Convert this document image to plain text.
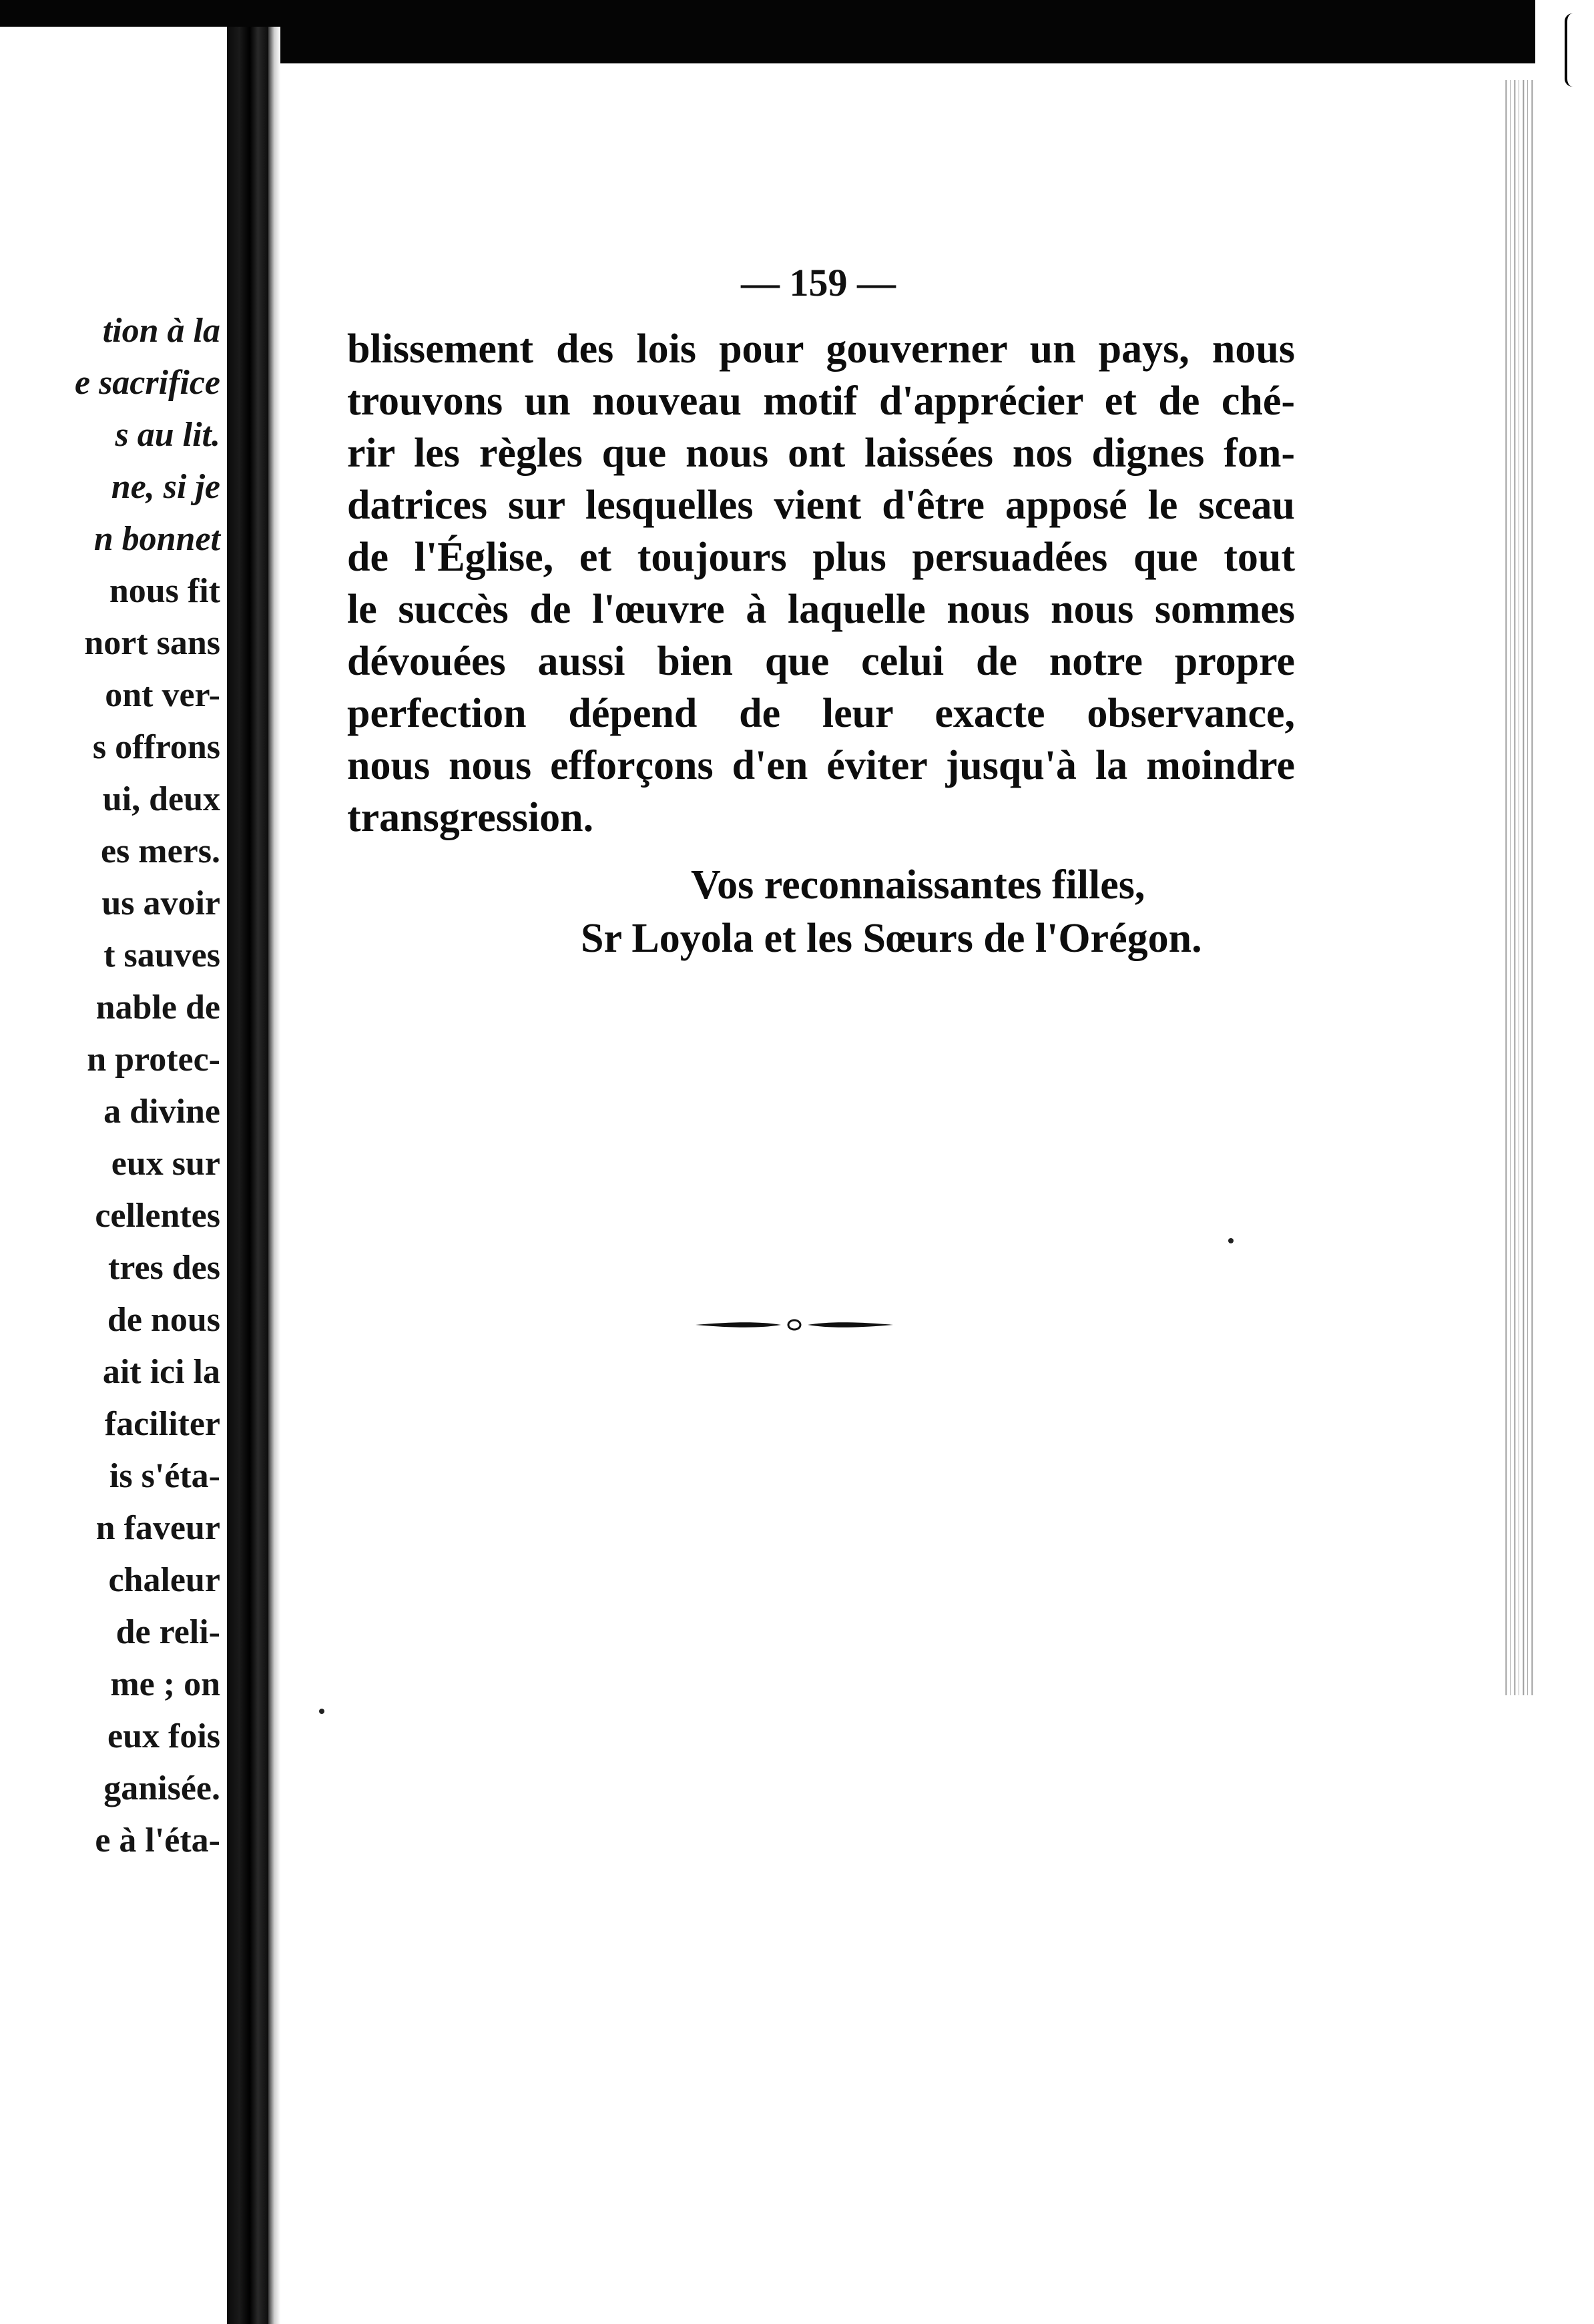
tion à la
e sacrifice
s au lit.
ne, si je
n bonnet
nous fit
nort sans
ont ver-
s offrons
ui, deux
es mers.
us avoir
t sauves
nable de
n protec-
a divine
eux sur
cellentes
tres des
de nous
ait ici la
faciliter
is s'éta-
n faveur
chaleur
de reli-
me ; on
eux fois
ganisée.
e à l'éta-
— 159 —
blissement des lois pour gouverner un pays, nous
trouvons un nouveau motif d'apprécier et de ché-
rir les règles que nous ont laissées nos dignes fon-
datrices sur lesquelles vient d'être apposé le sceau
de l'Église, et toujours plus persuadées que tout
le succès de l'œuvre à laquelle nous nous sommes
dévouées aussi bien que celui de notre propre
perfection dépend de leur exacte observance,
nous nous efforçons d'en éviter jusqu'à la moindre
transgression.
Vos reconnaissantes filles,
Sr Loyola et les Sœurs de l'Orégon.
